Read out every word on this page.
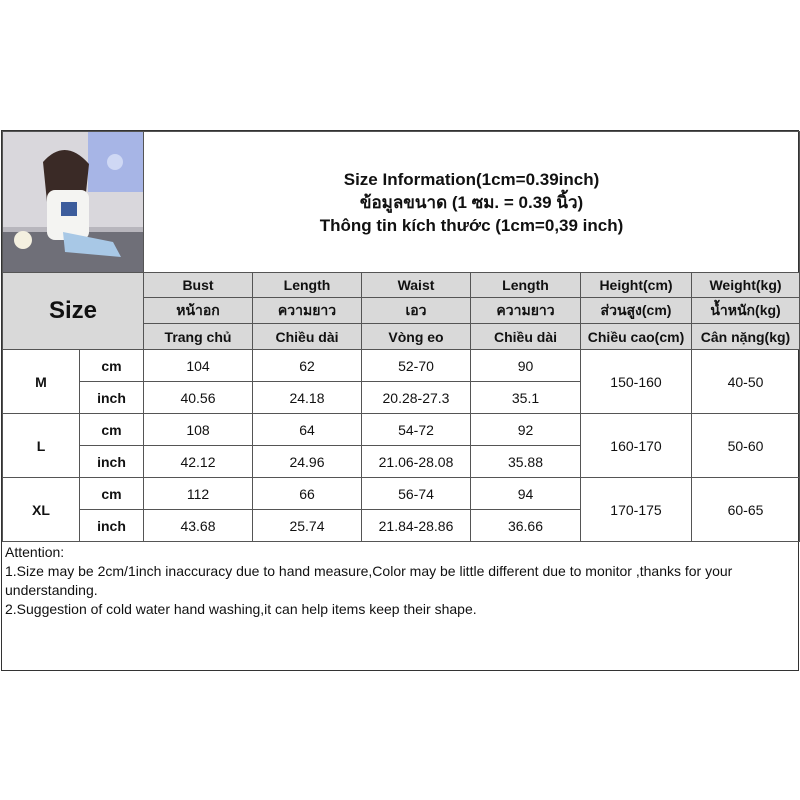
Size Information(1cm=0.39inch)
ข้อมูลขนาด (1 ซม. = 0.39 นิ้ว)
Thông tin kích thước (1cm=0,39 inch)					

Size		Bust	Length	Waist	Length	Height(cm)	Weight(kg)
		หน้าอก	ความยาว	เอว	ความยาว	ส่วนสูง(cm)	น้ำหนัก(kg)
		Trang chủ	Chiều dài	Vòng eo	Chiều dài	Chiều cao(cm)	Cân nặng(kg)
M	cm	104	62	52-70	90	150-160	40-50
	inch	40.56	24.18	20.28-27.3	35.1		
L	cm	108	64	54-72	92	160-170	50-60
	inch	42.12	24.96	21.06-28.08	35.88		
XL	cm	112	66	56-74	94	170-175	60-65
	inch	43.68	25.74	21.84-28.86	36.66		
Attention:
1.Size may be 2cm/1inch inaccuracy due to hand measure,Color may be little different due to monitor ,thanks for your understanding.
2.Suggestion of cold water hand washing,it can help items keep their shape.
